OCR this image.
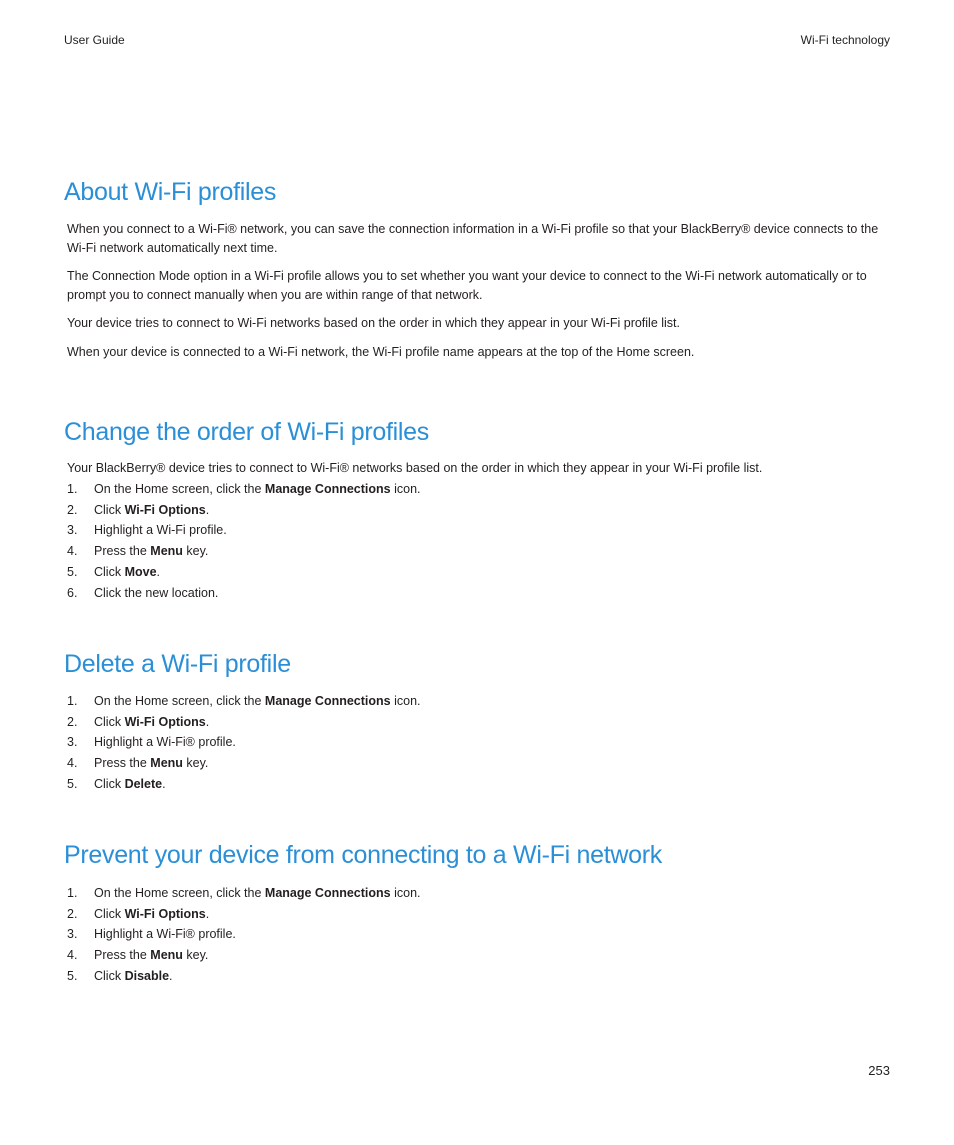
User Guide	Wi-Fi technology
About Wi-Fi profiles

When you connect to a Wi-Fi® network, you can save the connection information in a Wi-Fi profile so that your BlackBerry® device connects to the Wi-Fi network automatically next time.

The Connection Mode option in a Wi-Fi profile allows you to set whether you want your device to connect to the Wi-Fi network automatically or to prompt you to connect manually when you are within range of that network.

Your device tries to connect to Wi-Fi networks based on the order in which they appear in your Wi-Fi profile list.

When your device is connected to a Wi-Fi network, the Wi-Fi profile name appears at the top of the Home screen.

Change the order of Wi-Fi profiles

Your BlackBerry® device tries to connect to Wi-Fi® networks based on the order in which they appear in your Wi-Fi profile list.

1. On the Home screen, click the Manage Connections icon.
2. Click Wi-Fi Options.
3. Highlight a Wi-Fi profile.
4. Press the Menu key.
5. Click Move.
6. Click the new location.
Delete a Wi-Fi profile
1. On the Home screen, click the Manage Connections icon.
2. Click Wi-Fi Options.
3. Highlight a Wi-Fi® profile.
4. Press the Menu key.
5. Click Delete.
Prevent your device from connecting to a Wi-Fi network
1. On the Home screen, click the Manage Connections icon.
2. Click Wi-Fi Options.
3. Highlight a Wi-Fi® profile.
4. Press the Menu key.
5. Click Disable.
253
